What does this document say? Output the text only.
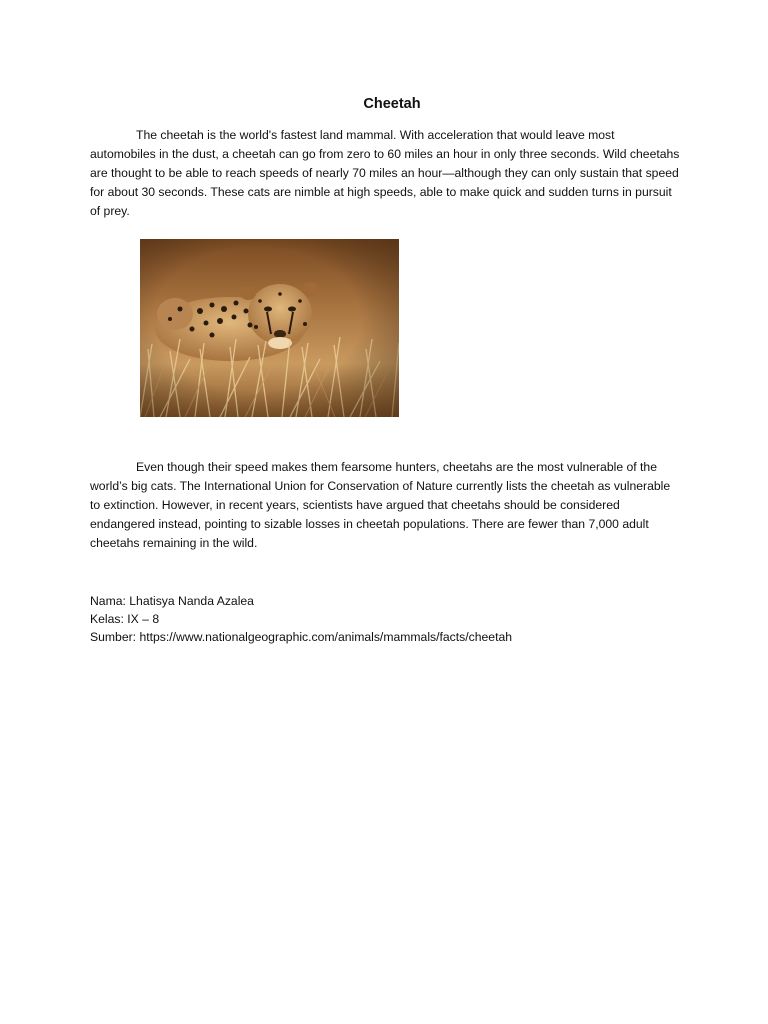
Cheetah

The cheetah is the world's fastest land mammal. With acceleration that would leave most automobiles in the dust, a cheetah can go from zero to 60 miles an hour in only three seconds. Wild cheetahs are thought to be able to reach speeds of nearly 70 miles an hour—although they can only sustain that speed for about 30 seconds. These cats are nimble at high speeds, able to make quick and sudden turns in pursuit of prey.

Even though their speed makes them fearsome hunters, cheetahs are the most vulnerable of the world’s big cats. The International Union for Conservation of Nature currently lists the cheetah as vulnerable to extinction. However, in recent years, scientists have argued that cheetahs should be considered endangered instead, pointing to sizable losses in cheetah populations. There are fewer than 7,000 adult cheetahs remaining in the wild.

Nama: Lhatisya Nanda Azalea
Kelas: IX – 8
Sumber: https://www.nationalgeographic.com/animals/mammals/facts/cheetah
